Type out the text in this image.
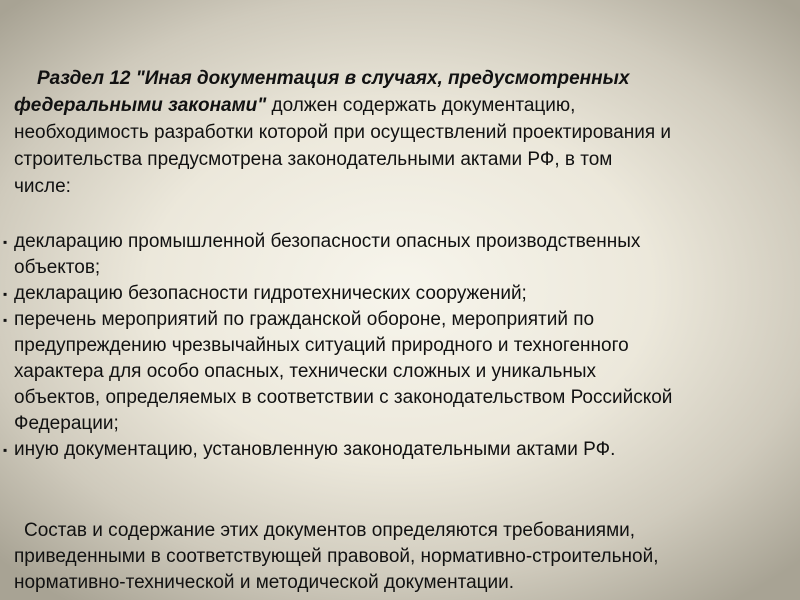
Раздел 12 "Иная документация в случаях, предусмотренных
федеральными законами" должен содержать документацию,
необходимость разработки которой при осуществлений проектирования и
строительства предусмотрена законодательными актами РФ, в том
числе:
▪ декларацию промышленной безопасности опасных производственных
объектов;
▪ декларацию безопасности гидротехнических сооружений;
▪ перечень мероприятий по гражданской обороне, мероприятий по
предупреждению чрезвычайных ситуаций природного и техногенного
характера для особо опасных, технически сложных и уникальных
объектов, определяемых в соответствии с законодательством Российской
Федерации;
▪ иную документацию, установленную законодательными актами РФ.
Состав и содержание этих документов определяются требованиями,
приведенными в соответствующей правовой, нормативно-строительной,
нормативно-технической и методической документации.
